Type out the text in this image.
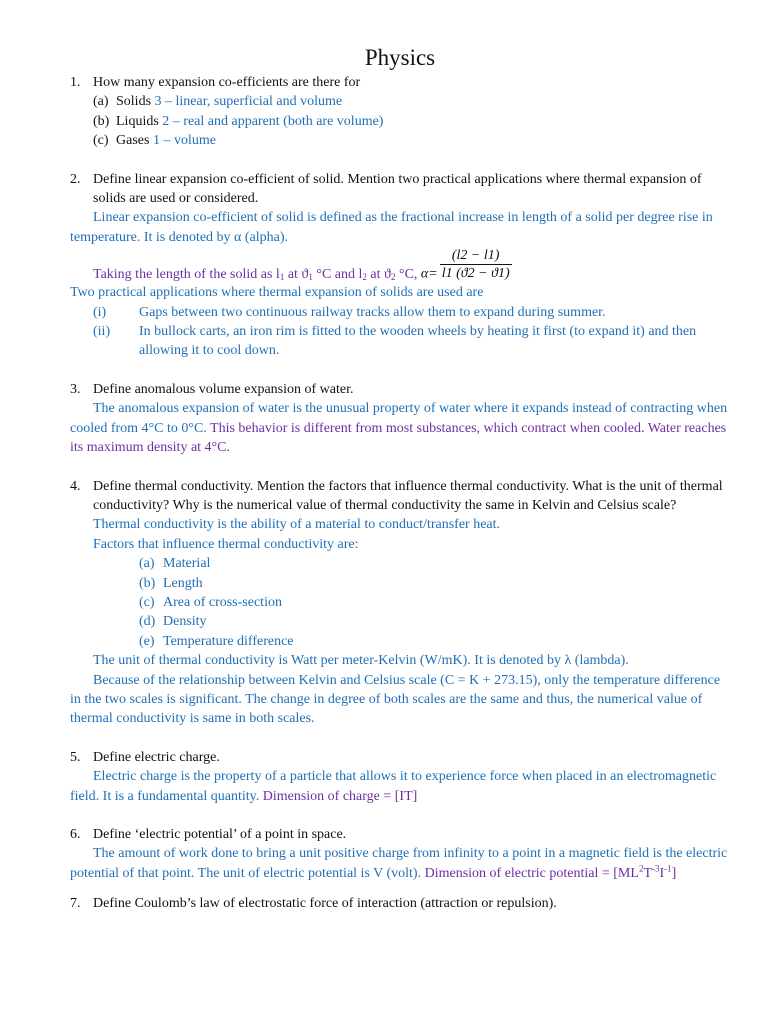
Physics
1. How many expansion co-efficients are there for
(a) Solids 3 – linear, superficial and volume
(b) Liquids 2 – real and apparent (both are volume)
(c) Gases 1 – volume
2. Define linear expansion co-efficient of solid. Mention two practical applications where thermal expansion of solids are used or considered.
Linear expansion co-efficient of solid is defined as the fractional increase in length of a solid per degree rise in temperature. It is denoted by α (alpha).
Taking the length of the solid as $l_1$ at $ϑ_1$ °C and $l_2$ at $ϑ_2$ °C, $\alpha= \frac{(l2 - l1)}{l1 (ϑ2 - ϑ1)}$
Two practical applications where thermal expansion of solids are used are
(i) Gaps between two continuous railway tracks allow them to expand during summer.
(ii) In bullock carts, an iron rim is fitted to the wooden wheels by heating it first (to expand it) and then allowing it to cool down.
3. Define anomalous volume expansion of water.
The anomalous expansion of water is the unusual property of water where it expands instead of contracting when cooled from 4°C to 0°C. This behavior is different from most substances, which contract when cooled. Water reaches its maximum density at 4°C.
4. Define thermal conductivity. Mention the factors that influence thermal conductivity. What is the unit of thermal conductivity? Why is the numerical value of thermal conductivity the same in Kelvin and Celsius scale?
Thermal conductivity is the ability of a material to conduct/transfer heat.
Factors that influence thermal conductivity are:
(a) Material
(b) Length
(c) Area of cross-section
(d) Density
(e) Temperature difference
The unit of thermal conductivity is Watt per meter-Kelvin (W/mK). It is denoted by λ (lambda).
Because of the relationship between Kelvin and Celsius scale (C = K + 273.15), only the temperature difference in the two scales is significant. The change in degree of both scales are the same and thus, the numerical value of thermal conductivity is same in both scales.
5. Define electric charge.
Electric charge is the property of a particle that allows it to experience force when placed in an electromagnetic field. It is a fundamental quantity. Dimension of charge = [IT]
6. Define ‘electric potential’ of a point in space.
The amount of work done to bring a unit positive charge from infinity to a point in a magnetic field is the electric potential of that point. The unit of electric potential is V (volt). Dimension of electric potential = $[ML^2T^{-3}I^{-1}]$
7. Define Coulomb’s law of electrostatic force of interaction (attraction or repulsion).
